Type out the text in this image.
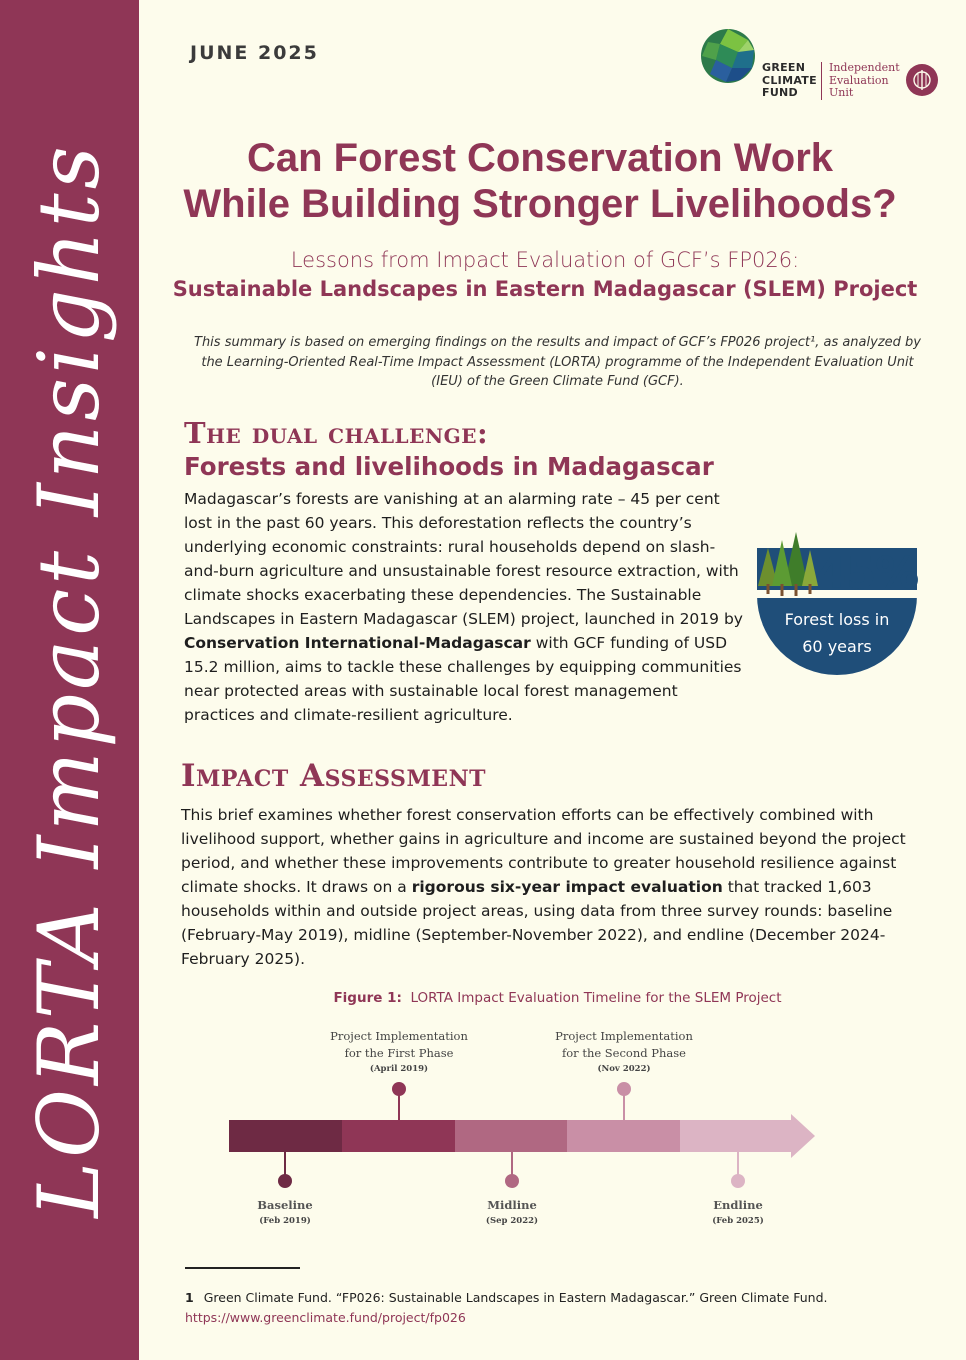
LORTA Impact Insights
JUNE 2025
GREEN
CLIMATE
FUND
Independent
Evaluation
Unit
Can Forest Conservation Work
While Building Stronger Livelihoods?
Lessons from Impact Evaluation of GCF’s FP026:
Sustainable Landscapes in Eastern Madagascar (SLEM) Project
This summary is based on emerging findings on the results and impact of GCF’s FP026 project¹, as analyzed by the Learning-Oriented Real-Time Impact Assessment (LORTA) programme of the Independent Evaluation Unit (IEU) of the Green Climate Fund (GCF).
The dual challenge:
Forests and livelihoods in Madagascar
Madagascar’s forests are vanishing at an alarming rate – 45 per cent lost in the past 60 years. This deforestation reflects the country’s underlying economic constraints: rural households depend on slash-and-burn agriculture and unsustainable forest resource extraction, with climate shocks exacerbating these dependencies. The Sustainable Landscapes in Eastern Madagascar (SLEM) project, launched in 2019 by Conservation International-Madagascar with GCF funding of USD 15.2 million, aims to tackle these challenges by equipping communities near protected areas with sustainable local forest management practices and climate-resilient agriculture.
45%
Forest loss in
60 years
Impact Assessment
This brief examines whether forest conservation efforts can be effectively combined with livelihood support, whether gains in agriculture and income are sustained beyond the project period, and whether these improvements contribute to greater household resilience against climate shocks. It draws on a rigorous six-year impact evaluation that tracked 1,603 households within and outside project areas, using data from three survey rounds: baseline (February-May 2019), midline (September-November 2022), and endline (December 2024-February 2025).
Figure 1: LORTA Impact Evaluation Timeline for the SLEM Project
Project Implementation
for the First Phase
(April 2019)
Project Implementation
for the Second Phase
(Nov 2022)
Baseline
(Feb 2019)
Midline
(Sep 2022)
Endline
(Feb 2025)
1 Green Climate Fund. “FP026: Sustainable Landscapes in Eastern Madagascar.” Green Climate Fund.
https://www.greenclimate.fund/project/fp026
